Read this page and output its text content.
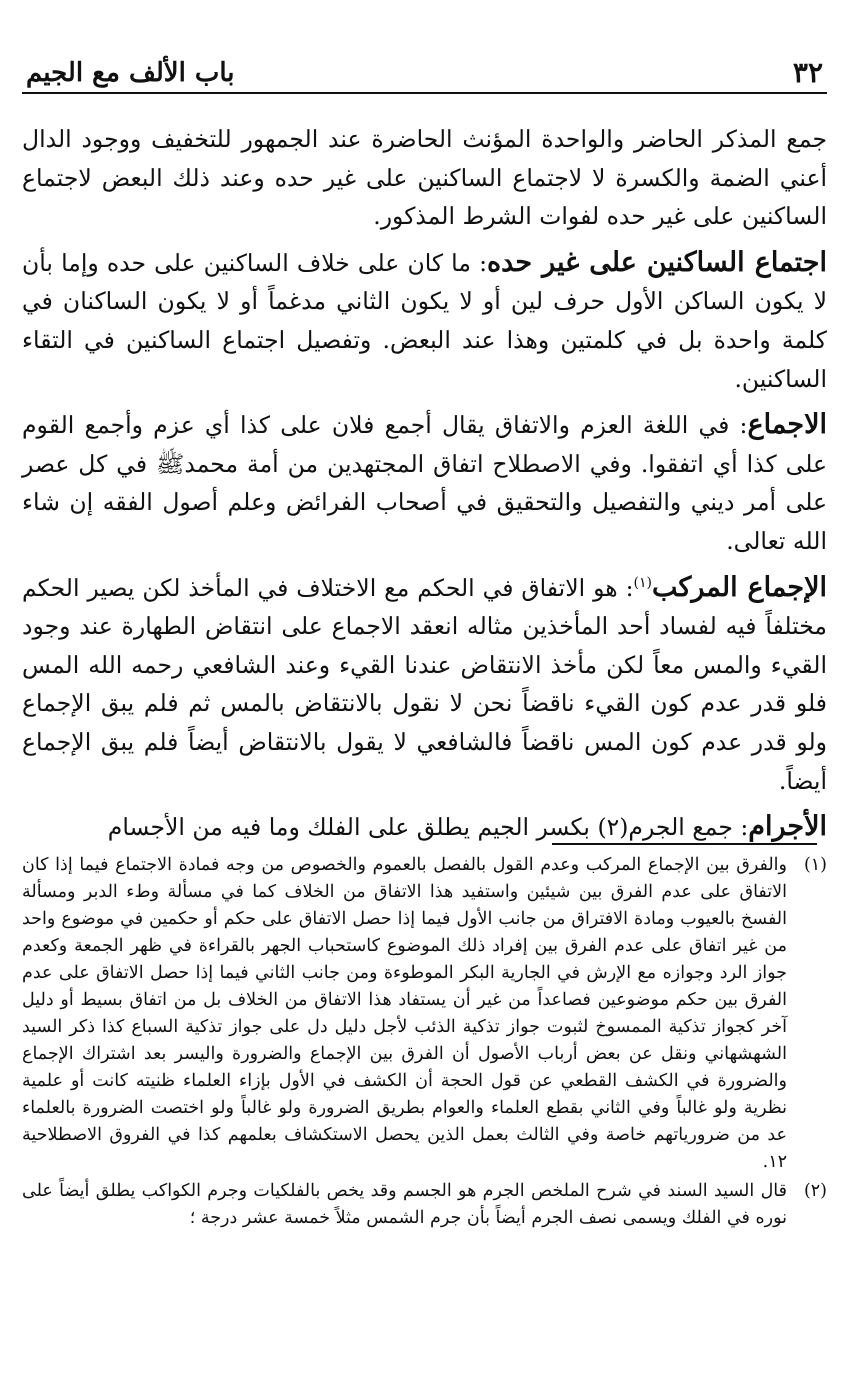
٣٢
باب الألف مع الجيم

جمع المذكر الحاضر والواحدة المؤنث الحاضرة عند الجمهور للتخفيف ووجود الدال أعني الضمة والكسرة لا لاجتماع الساكنين على غير حده وعند ذلك البعض لاجتماع الساكنين على غير حده لفوات الشرط المذكور.

اجتماع الساكنين على غير حده: ما كان على خلاف الساكنين على حده وإما بأن لا يكون الساكن الأول حرف لين أو لا يكون الثاني مدغماً أو لا يكون الساكنان في كلمة واحدة بل في كلمتين وهذا عند البعض. وتفصيل اجتماع الساكنين في التقاء الساكنين.

الاجماع: في اللغة العزم والاتفاق يقال أجمع فلان على كذا أي عزم وأجمع القوم على كذا أي اتفقوا. وفي الاصطلاح اتفاق المجتهدين من أمة محمدﷺ في كل عصر على أمر ديني والتفصيل والتحقيق في أصحاب الفرائض وعلم أصول الفقه إن شاء الله تعالى.

الإجماع المركب$^{(١)}$: هو الاتفاق في الحكم مع الاختلاف في المأخذ لكن يصير الحكم مختلفاً فيه لفساد أحد المأخذين مثاله انعقد الاجماع على انتقاض الطهارة عند وجود القيء والمس معاً لكن مأخذ الانتقاض عندنا القيء وعند الشافعي رحمه الله المس فلو قدر عدم كون القيء ناقضاً نحن لا نقول بالانتقاض بالمس ثم فلم يبق الإجماع ولو قدر عدم كون المس ناقضاً فالشافعي لا يقول بالانتقاض أيضاً فلم يبق الإجماع أيضاً.

الأجرام: جمع الجرم(٢) بكسر الجيم يطلق على الفلك وما فيه من الأجسام

(١)
والفرق بين الإجماع المركب وعدم القول بالفصل بالعموم والخصوص من وجه فمادة الاجتماع فيما إذا كان الاتفاق على عدم الفرق بين شيئين واستفيد هذا الاتفاق من الخلاف كما في مسألة وطء الدبر ومسألة الفسخ بالعيوب ومادة الافتراق من جانب الأول فيما إذا حصل الاتفاق على حكم أو حكمين في موضوع واحد من غير اتفاق على عدم الفرق بين إفراد ذلك الموضوع كاستحباب الجهر بالقراءة في ظهر الجمعة وكعدم جواز الرد وجوازه مع الإرش في الجارية البكر الموطوءة ومن جانب الثاني فيما إذا حصل الاتفاق على عدم الفرق بين حكم موضوعين فصاعداً من غير أن يستفاد هذا الاتفاق من الخلاف بل من اتفاق بسيط أو دليل آخر كجواز تذكية الممسوخ لثبوت جواز تذكية الذئب لأجل دليل دل على جواز تذكية السباع كذا ذكر السيد الشهشهاني ونقل عن بعض أرباب الأصول أن الفرق بين الإجماع والضرورة واليسر بعد اشتراك الإجماع والضرورة في الكشف القطعي عن قول الحجة أن الكشف في الأول بإزاء العلماء ظنيته كانت أو علمية نظرية ولو غالباً وفي الثاني بقطع العلماء والعوام بطريق الضرورة ولو غالباً ولو اختصت الضرورة بالعلماء عد من ضرورياتهم خاصة وفي الثالث بعمل الذين يحصل الاستكشاف بعلمهم كذا في الفروق الاصطلاحية ١٢.
(٢)
قال السيد السند في شرح الملخص الجرم هو الجسم وقد يخص بالفلكيات وجرم الكواكب يطلق أيضاً على نوره في الفلك ويسمى نصف الجرم أيضاً بأن جرم الشمس مثلاً خمسة عشر درجة ؛
